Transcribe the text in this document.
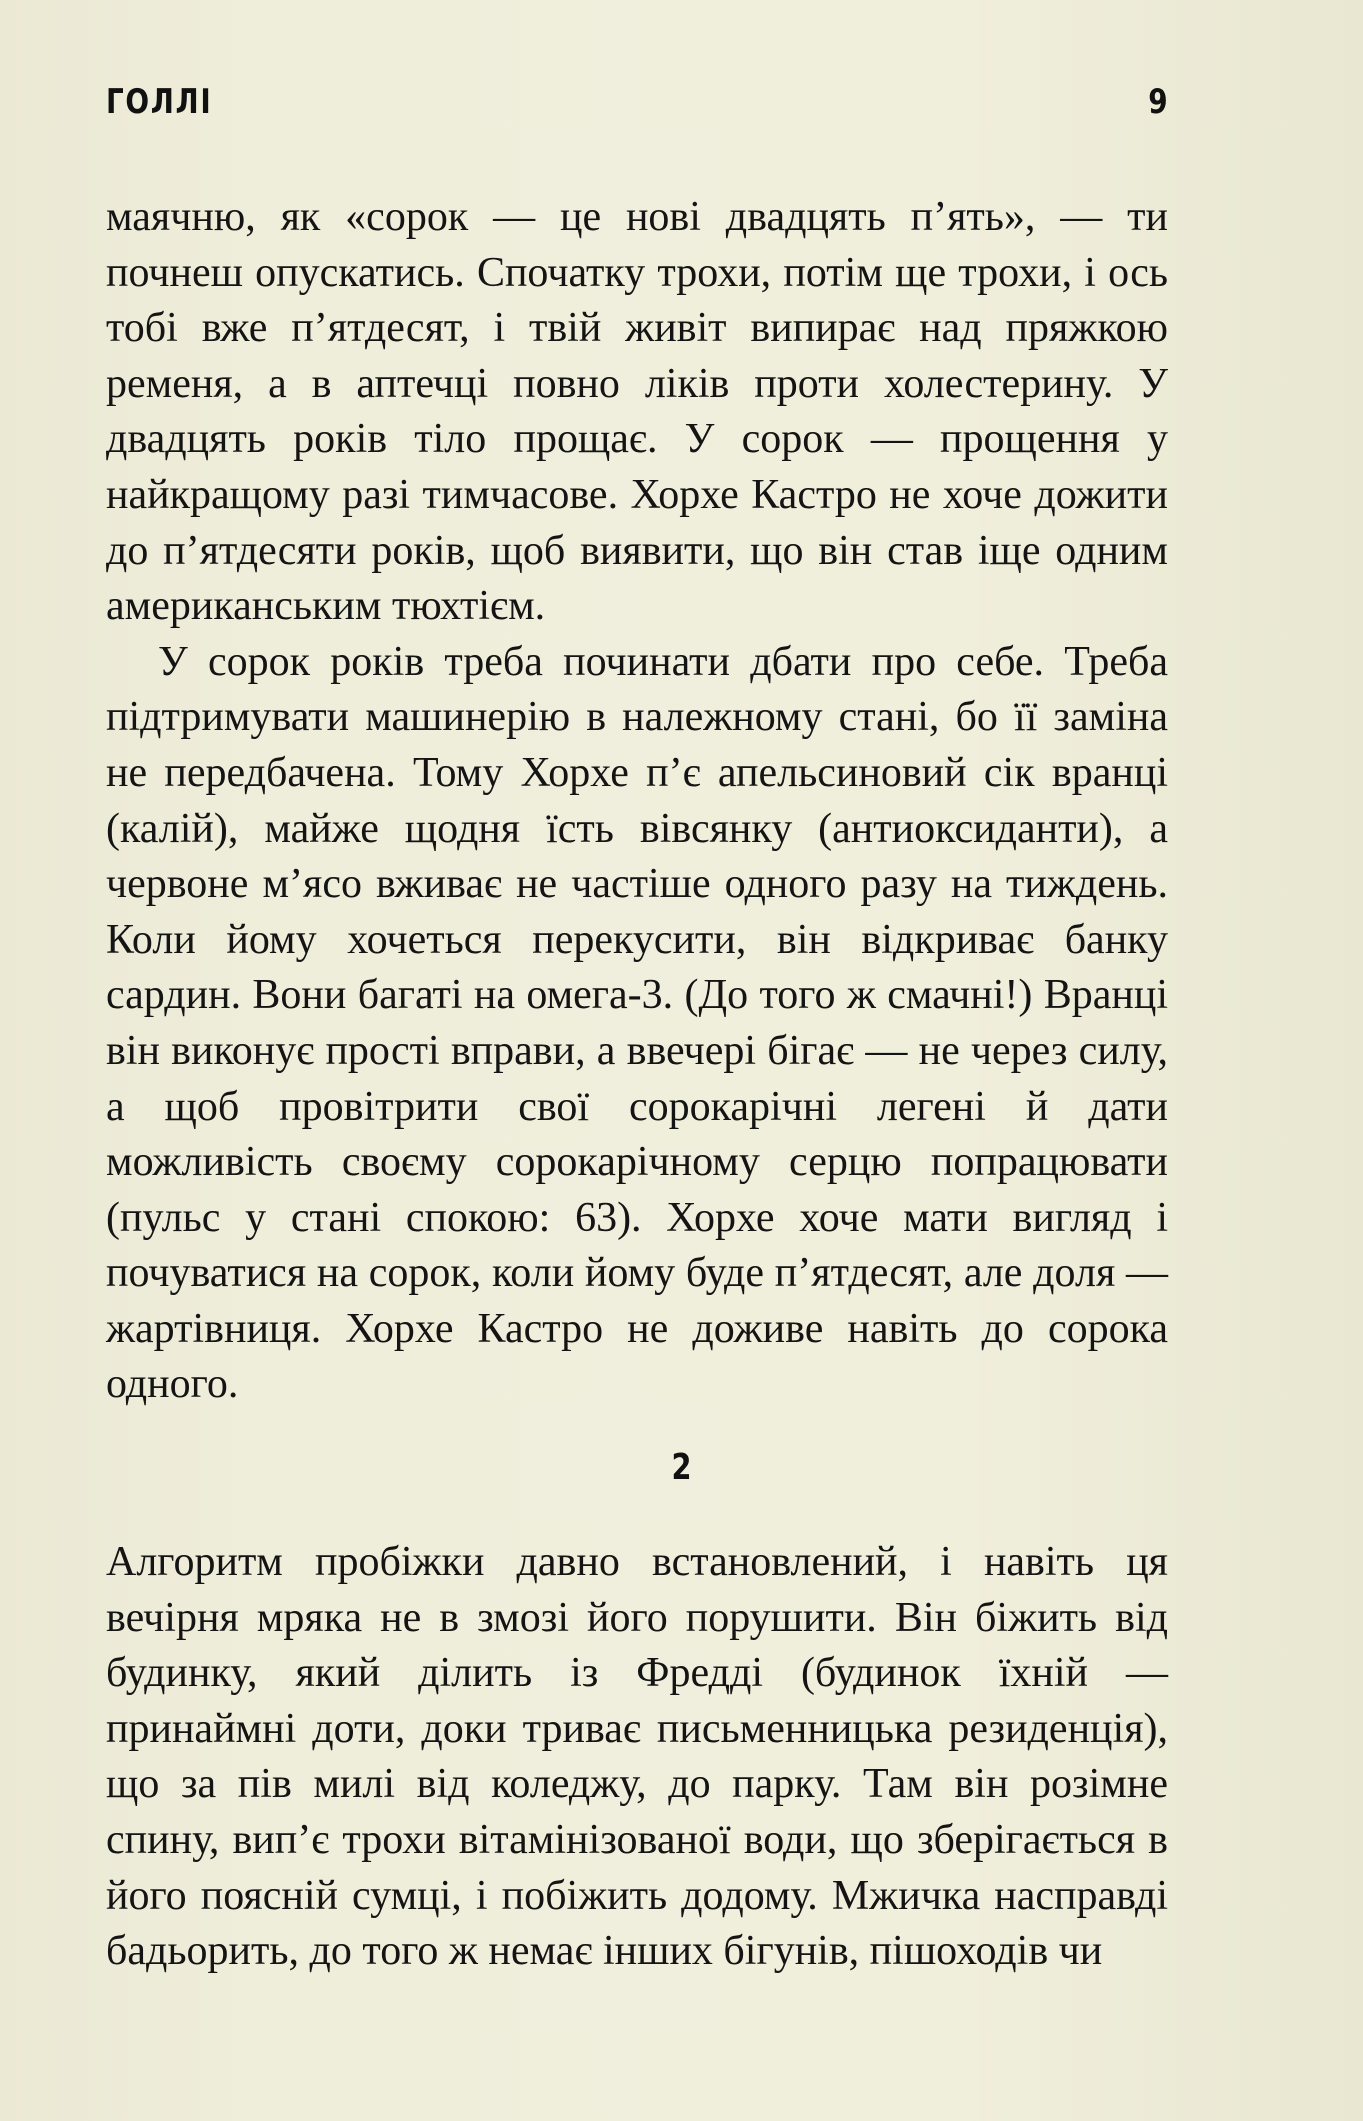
ГОЛЛІ	9

маячню, як «сорок — це нові двадцять п’ять», — ти почнеш опускатись. Спочатку трохи, потім ще трохи, і ось тобі вже п’ятдесят, і твій живіт випирає над пряжкою ременя, а в аптечці повно ліків проти холестерину. У двадцять років тіло прощає. У сорок — прощення у найкращому разі тимчасове. Хорхе Кастро не хоче дожити до п’ятдесяти років, щоб виявити, що він став іще одним американським тюхтієм.

У сорок років треба починати дбати про себе. Треба підтримувати машинерію в належному стані, бо її заміна не передбачена. Тому Хорхе п’є апельсиновий сік вранці (калій), майже щодня їсть вівсянку (антиоксиданти), а червоне м’ясо вживає не частіше одного разу на тиждень. Коли йому хочеться перекусити, він відкриває банку сардин. Вони багаті на омега-3. (До того ж смачні!) Вранці він виконує прості вправи, а ввечері бігає — не через силу, а щоб провітрити свої сорокарічні легені й дати можливість своєму сорокарічному серцю попрацювати (пульс у стані спокою: 63). Хорхе хоче мати вигляд і почуватися на сорок, коли йому буде п’ятдесят, але доля — жартівниця. Хорхе Кастро не доживе навіть до сорока одного.

2

Алгоритм пробіжки давно встановлений, і навіть ця вечірня мряка не в змозі його порушити. Він біжить від будинку, який ділить із Фредді (будинок їхній — принаймні доти, доки триває письменницька резиденція), що за пів милі від коледжу, до парку. Там він розімне спину, вип’є трохи вітамінізованої води, що зберігається в його поясній сумці, і побіжить додому. Мжичка насправді бадьорить, до того ж немає інших бігунів, пішоходів чи
